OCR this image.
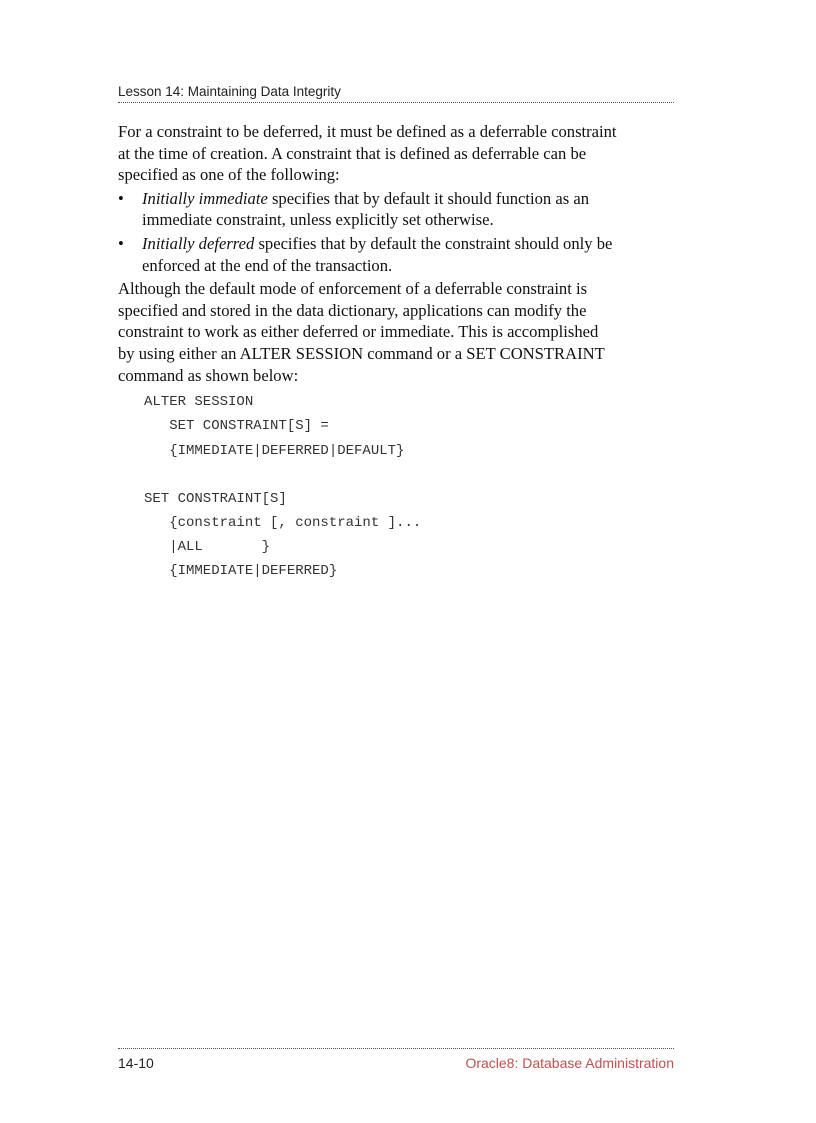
Lesson 14: Maintaining Data Integrity

For a constraint to be deferred, it must be defined as a deferrable constraint at the time of creation. A constraint that is defined as deferrable can be specified as one of the following:

• Initially immediate specifies that by default it should function as an immediate constraint, unless explicitly set otherwise.
• Initially deferred specifies that by default the constraint should only be enforced at the end of the transaction.

Although the default mode of enforcement of a deferrable constraint is specified and stored in the data dictionary, applications can modify the constraint to work as either deferred or immediate. This is accomplished by using either an ALTER SESSION command or a SET CONSTRAINT command as shown below:

ALTER SESSION
SET CONSTRAINT[S] =
{IMMEDIATE|DEFERRED|DEFAULT}
SET CONSTRAINT[S]
{constraint [, constraint ]...
|ALL       }
{IMMEDIATE|DEFERRED}
14-10	Oracle8: Database Administration
